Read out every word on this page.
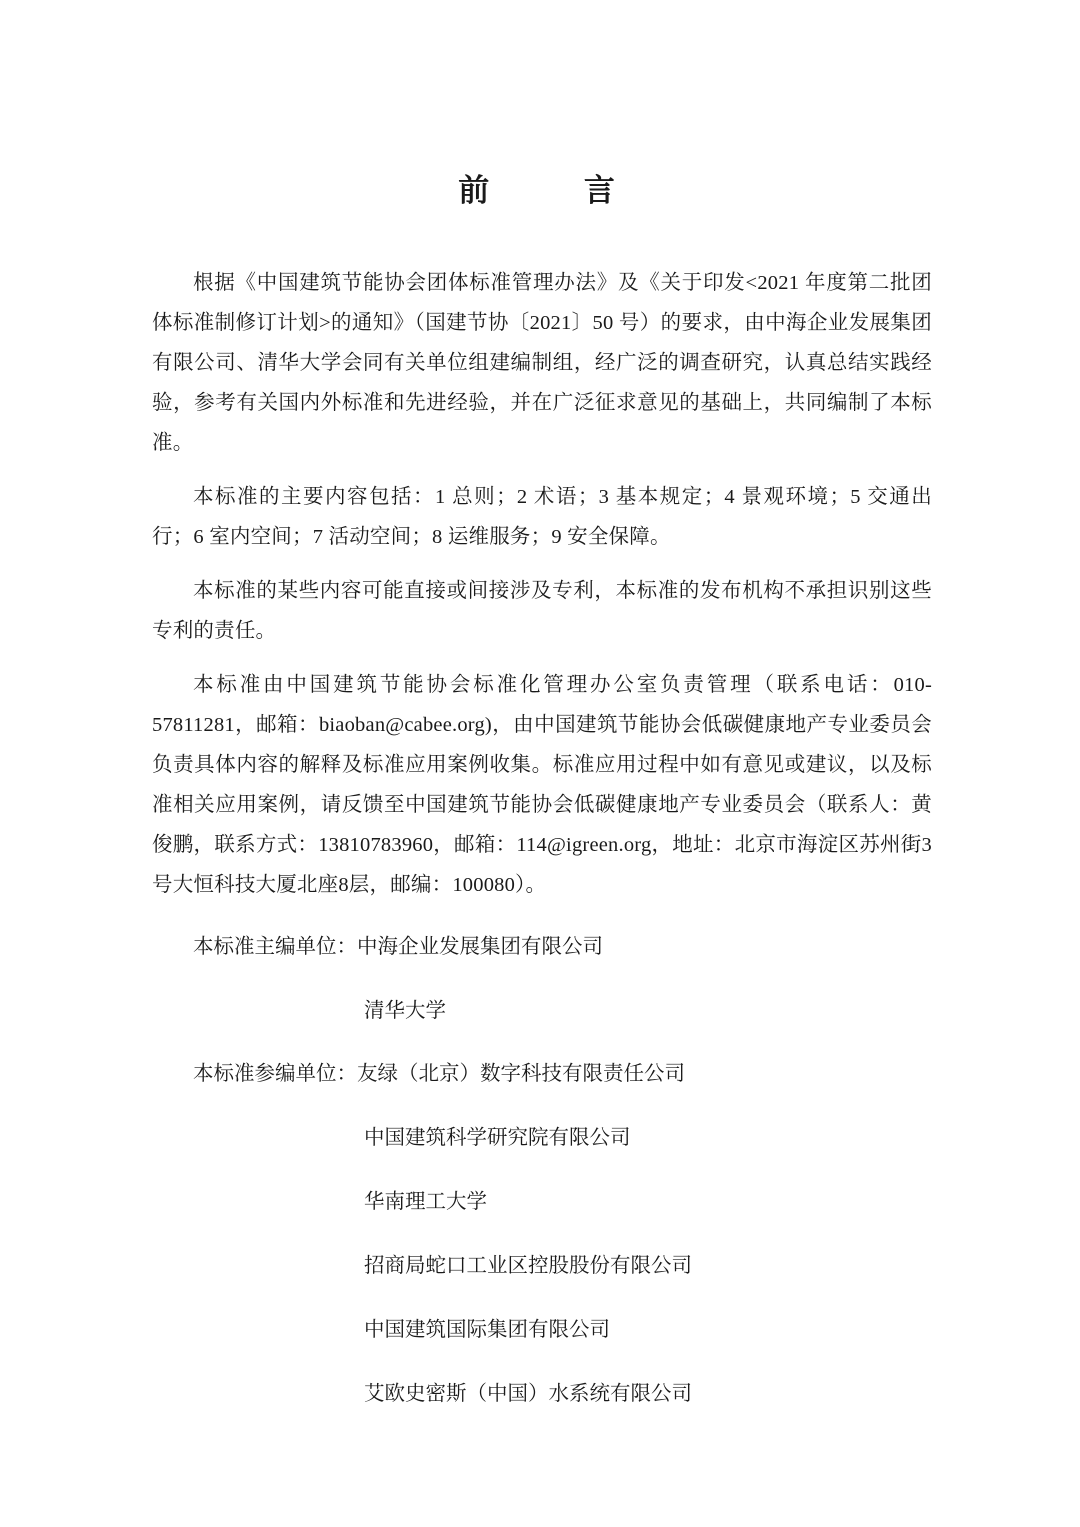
前　　言

根据《中国建筑节能协会团体标准管理办法》及《关于印发<2021 年度第二批团体标准制修订计划>的通知》（国建节协〔2021〕50 号）的要求，由中海企业发展集团有限公司、清华大学会同有关单位组建编制组，经广泛的调查研究，认真总结实践经验，参考有关国内外标准和先进经验，并在广泛征求意见的基础上，共同编制了本标准。

本标准的主要内容包括：1 总则；2 术语；3 基本规定；4 景观环境；5 交通出行；6 室内空间；7 活动空间；8 运维服务；9 安全保障。

本标准的某些内容可能直接或间接涉及专利，本标准的发布机构不承担识别这些专利的责任。

本标准由中国建筑节能协会标准化管理办公室负责管理（联系电话：010-57811281，邮箱：biaoban@cabee.org)，由中国建筑节能协会低碳健康地产专业委员会负责具体内容的解释及标准应用案例收集。标准应用过程中如有意见或建议，以及标准相关应用案例，请反馈至中国建筑节能协会低碳健康地产专业委员会（联系人：黄俊鹏，联系方式：13810783960，邮箱：114@igreen.org，地址：北京市海淀区苏州街3号大恒科技大厦北座8层，邮编：100080）。

本标准主编单位：中海企业发展集团有限公司

清华大学

本标准参编单位：友绿（北京）数字科技有限责任公司

中国建筑科学研究院有限公司

华南理工大学

招商局蛇口工业区控股股份有限公司

中国建筑国际集团有限公司

艾欧史密斯（中国）水系统有限公司
